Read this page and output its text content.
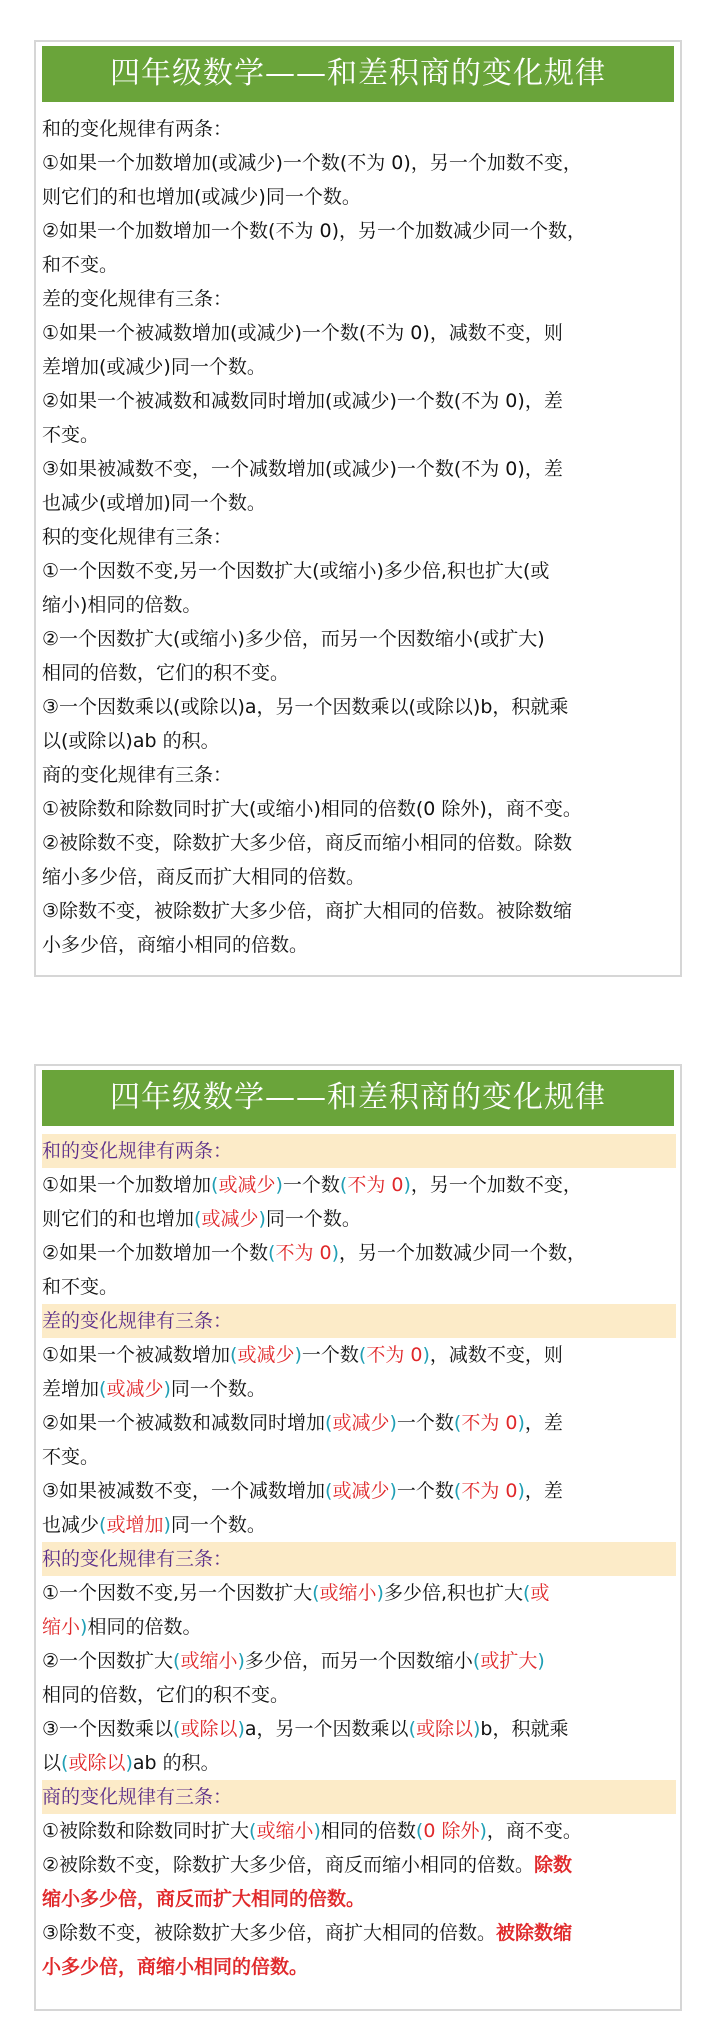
四年级数学——和差积商的变化规律
和的变化规律有两条：
①如果一个加数增加(或减少)一个数(不为 0)，另一个加数不变，
则它们的和也增加(或减少)同一个数。
②如果一个加数增加一个数(不为 0)，另一个加数减少同一个数，
和不变。
差的变化规律有三条：
①如果一个被减数增加(或减少)一个数(不为 0)，减数不变，则
差增加(或减少)同一个数。
②如果一个被减数和减数同时增加(或减少)一个数(不为 0)，差
不变。
③如果被减数不变，一个减数增加(或减少)一个数(不为 0)，差
也减少(或增加)同一个数。
积的变化规律有三条：
①一个因数不变,另一个因数扩大(或缩小)多少倍,积也扩大(或
缩小)相同的倍数。
②一个因数扩大(或缩小)多少倍，而另一个因数缩小(或扩大)
相同的倍数，它们的积不变。
③一个因数乘以(或除以)a，另一个因数乘以(或除以)b，积就乘
以(或除以)ab 的积。
商的变化规律有三条：
①被除数和除数同时扩大(或缩小)相同的倍数(0 除外)，商不变。
②被除数不变，除数扩大多少倍，商反而缩小相同的倍数。除数
缩小多少倍，商反而扩大相同的倍数。
③除数不变，被除数扩大多少倍，商扩大相同的倍数。被除数缩
小多少倍，商缩小相同的倍数。
四年级数学——和差积商的变化规律
和的变化规律有两条：
①如果一个加数增加(或减少)一个数(不为 0)，另一个加数不变，
则它们的和也增加(或减少)同一个数。
②如果一个加数增加一个数(不为 0)，另一个加数减少同一个数，
和不变。
差的变化规律有三条：
①如果一个被减数增加(或减少)一个数(不为 0)，减数不变，则
差增加(或减少)同一个数。
②如果一个被减数和减数同时增加(或减少)一个数(不为 0)，差
不变。
③如果被减数不变，一个减数增加(或减少)一个数(不为 0)，差
也减少(或增加)同一个数。
积的变化规律有三条：
①一个因数不变,另一个因数扩大(或缩小)多少倍,积也扩大(或
缩小)相同的倍数。
②一个因数扩大(或缩小)多少倍，而另一个因数缩小(或扩大)
相同的倍数，它们的积不变。
③一个因数乘以(或除以)a，另一个因数乘以(或除以)b，积就乘
以(或除以)ab 的积。
商的变化规律有三条：
①被除数和除数同时扩大(或缩小)相同的倍数(0 除外)，商不变。
②被除数不变，除数扩大多少倍，商反而缩小相同的倍数。除数
缩小多少倍，商反而扩大相同的倍数。
③除数不变，被除数扩大多少倍，商扩大相同的倍数。被除数缩
小多少倍，商缩小相同的倍数。
